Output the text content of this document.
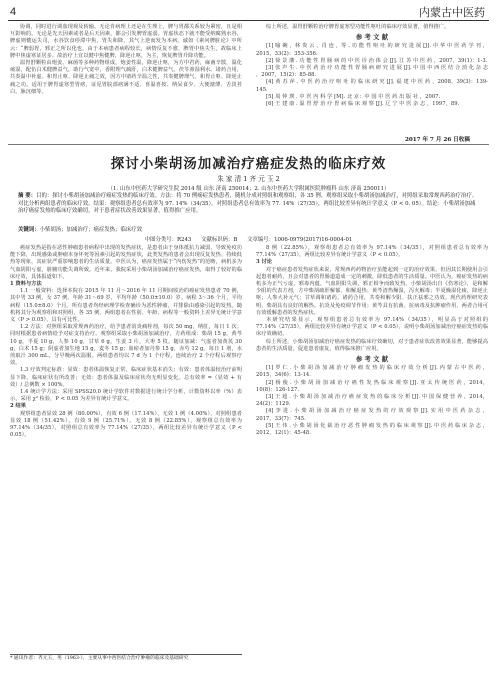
4	内蒙古中医药

协调，同时进行调血现观及转输。无论肯病理上还是在生理上，脾与胃都关系较为紧密，且是相互影响的。无论是先天因素或者是后天因素，都会引发脾胃虚弱。胃虚状态下就不能受纳腐熟水谷，脾虚则健运失司，水谷饮食停滞中焦，胃失和降，其气上逆而发为本病。诚如《素问脾脏论》中所云：“脾弱胃，邪正之所以化也，由于本病患者病程较长，病情反复不愈，脾胃中焦失生，故临床上脾中焦虚寒证居多。故治疗上宜以健中焦健脾，降逆止呕，为主，恢复脾胃升降功能。

温胃舒颗粒由炮姜、麻菌等多种药物组成，炮姜性温，降逆止呕，为方中君药，麻菌辛散，温化痰湿，配伍白术健脾益气，助行气宽中，香附理气疏肝，白术健脾益气，茯苓渗湿利水。诸药合用，共奏温中补虚、和胃止呕、降逆止痛之效，因方中诸药辛温之性，共奏健脾理气、和胃止呕、降逆止痛之功。适用于脾胃虚寒型胃痞，证见胃脘部痞满不适、喜温喜按、纳呆食少、大便溏薄、舌淡苔白、脉沉细等。

综上所述，温胃舒颗粒治疗脾胃虚寒型功能性呕吐的临床疗效显著，值得推广。

参 考 文 献

[1] 喻 碗 ，林 贵 云 ，肖 连 ，等 . 功 能 性 呕 吐 的 研 究 进 展 [J]. 中 华 中 医 药 学 刊 ，2015，33(2)：353-356.

[2] 徐 景 藩 . 功 能 性 胃 肠 病 的 中 医 诊 治 体 会 [J]. 江 苏 中 医 药 ，2007，39(1)：1-3.

[3] 张 声 生 . 中 医 药 治 疗 功 能 性 胃 肠 病 研 究 进 展 [J]. 中 国 中 西 医 结 合 消 化 杂 志 ，2007，15(2)：85-88.

[4] 黄 苏 萍 . 中 医 药 治 疗 呕 吐 的 临 床 研 究 [J]. 福 建 中 医 药 ，2008，39(3)：139-145.

[5] 周 仲 瑛 . 中 医 内 科 学 [M]. 北 京：中 国 中 医 药 出 版 社 ，2007.

[6] 王 建 康 . 温 胃 舒 治 疗 胃 病 临 床 观 察 [J]. 辽 宁 中 医 杂 志 ，1997，89.

2017 年 7 月 26 日收稿
探讨小柴胡汤加减治疗癌症发热的临床疗效
朱 家 清 1 齐 元 玉 2
（1. 山东中医药大学研究生院 2014 级 山东 济南 250014；2. 山东中医药大学附属医院肿瘤科 山东 济南 250011）
摘 要：目的：探讨小柴胡汤加减治疗癌症发热的临床疗效。方法：将 70 例癌症发热患者，随机分成对照组和观察组，各 35 例。观察组采取小柴胡汤加减治疗，对照组采取常规西药治疗治疗。对比分析两组患者的临床疗效。结果：观察组患者总有效率为 97. 14%（34/35），对照组患者总有效率为 77. 14%（27/35），两组比较差异有统计学意义（P < 0. 05）。结论：小柴胡汤加减治疗癌症发热的临床疗效确切，对于患者症状改善效果显著，值得推广应用。
关键词：小柴胡汤；加减治疗；癌症发热；临床疗效
中图分类号：R243 文献标识码：B 文章编号：1006-0979(2017)16-0004-01

癌症发热是指在恶性肿瘤患者病程中出现的发热症状，是患者由于身体抵抗力减弱，导致免疫功能下降，出现感染或肿瘤本身坏死等因素引起的发热症状，此类发热的患者会出现反复发热、持续低热等现象，其症状严重影响患者的生活质量。中医认为，癌症发热属于“内伤发热”的范畴，病机多为气血阴阳亏虚，脏腑功能失调所致。近年来，我院采用小柴胡汤加减治疗癌症发热，取得了较好的临床疗效，具体报道如下。

1 资料与方法

1.1 一般资料：选择本院在 2015 年 11 月～2016 年 11 月期间收治的癌症发热患者 70 例，其中男 33 例，女 37 例，年龄 31～69 岁，平均年龄（50.0±10.0）岁。病程 3～36 个月，平均病程（15.0±8.0）个月。所有患者均经病理学检查确诊为恶性肿瘤，并排除由感染引起的发热。随机将其分为观察组和对照组，各 35 例，两组患者在性别、年龄、病程等一般资料上差异无统计学意义（P > 0.05），具有可比性。

1.2 方法：对照组采取常规西药治疗，给予患者消炎痛栓剂，每次 50 mg，纳肛，每日 1 次；同时根据患者病情给予对症支持治疗。观察组采取小柴胡汤加减治疗，方药组成：柴胡 15 g，黄芩 10 g，半夏 10 g，人参 10 g，甘草 6 g，生姜 3 片，大枣 5 枚。随证加减：气虚者加黄芪 30 g，白术 15 g；阴虚者加生地 15 g，麦冬 15 g；血瘀者加丹参 15 g，赤芍 12 g。每日 1 剂，水煎取汁 300 mL，分早晚两次温服。两组患者均以 7 d 为 1 个疗程，连续治疗 2 个疗程后观察疗效。

1.3 疗效判定标准：显效：患者体温恢复正常，临床症状基本消失；有效：患者体温较治疗前明显下降，临床症状有所改善；无效：患者体温及临床症状均无明显变化。总有效率 =（显效 + 有效）/ 总例数 × 100%。

1.4 统计学方法：采用 SPSS20.0 统计学软件对数据进行统计学分析，计数资料以率（%）表示，采用 χ² 检验，P < 0.05 为差异有统计学意义。

2 结果

观察组患者显效 28 例（80.00%），有效 6 例（17.14%），无效 1 例（4.00%），对照组患者显效 18 例（51.42%），有效 9 例（25.71%），无效 8 例（22.85%），观察组总有效率为 97.14%（34/35），对照组总有效率为 77.14%（27/35），两组比较差异有统计学意义（P < 0.05）。

8 例（22.85%），观察组患者总有效率为 97.14%（34/35），对照组患者总有效率为 77.14%（27/35），两组比较差异有统计学意义（P < 0.05）。

3 讨论

对于癌症患者发热症状来说，常规西药药物治疗虽能起到一定的治疗效果，但因其长期使用会引起患者耐药，且会对患者的胃肠道造成一定的刺激，降低患者的生活质量。中医认为，癌症发热的病机多为正气亏虚，邪毒内蕴，气血阴阳失调，邪正相争而致发热。小柴胡汤出自《伤寒论》，是和解少阳的代表方剂，方中柴胡疏肝解郁，和解退热；黄芩清热燥湿，泻火解毒；半夏燥湿化痰，降逆止呕；人参大补元气；甘草调和诸药。诸药合用，共奏和解少阳、扶正祛邪之功效。现代药理研究表明，柴胡具有良好的解热、抗炎及免疫调节作用；黄芩具有抗菌、抗病毒及抗肿瘤作用，两者合用可有效缓解患者的发热症状。

本研究结果显示，观察组患者总有效率为 97.14%（34/35），明显高于对照组的 77.14%（27/35），两组比较差异有统计学意义（P < 0.05），说明小柴胡汤加减治疗癌症发热的临床疗效确切。

综上所述，小柴胡汤加减治疗癌症发热的临床疗效确切，对于患者症状改善效果显著，能够提高患者的生活质量，促进患者康复，值得临床推广应用。

参 考 文 献

[1] 罗 仁 . 小 柴 胡 汤 加 减 治 疗 肿 瘤 发 热 的 临 床 疗 效 分 析 [J]. 内 蒙 古 中 医 药 ，2015，34(6)：13-14.

[2] 杨 俊 . 小 柴 胡 汤 加 减 治 疗 癌 性 发 热 临 床 观 察 [J]. 亚 太 传 统 医 药 ，2014，10(8)：126-127.

[3] 王 超 . 小 柴 胡 汤 加 减 治 疗 癌 症 发 热 的 临 床 分 析 [J]. 中 国 保 健 营 养 ，2014，24(2)：1129.

[4] 李 进 . 小 柴 胡 汤 加 减 治 疗 癌 症 发 热 的 疗 效 观 察 [J]. 实 用 中 医 药 杂 志 ，2017，33(7)：745.

[5] 王 伟 . 小 柴 胡 汤 化 裁 治 疗 恶 性 肿 瘤 发 热 的 临 床 观 察 [J]. 中 医 药 临 床 杂 志 ，2012，12(1)：45-48.

* 通讯作者：齐元玉，男（1963-），主要从事中西医结合治疗肿瘤的临床及基础研究
